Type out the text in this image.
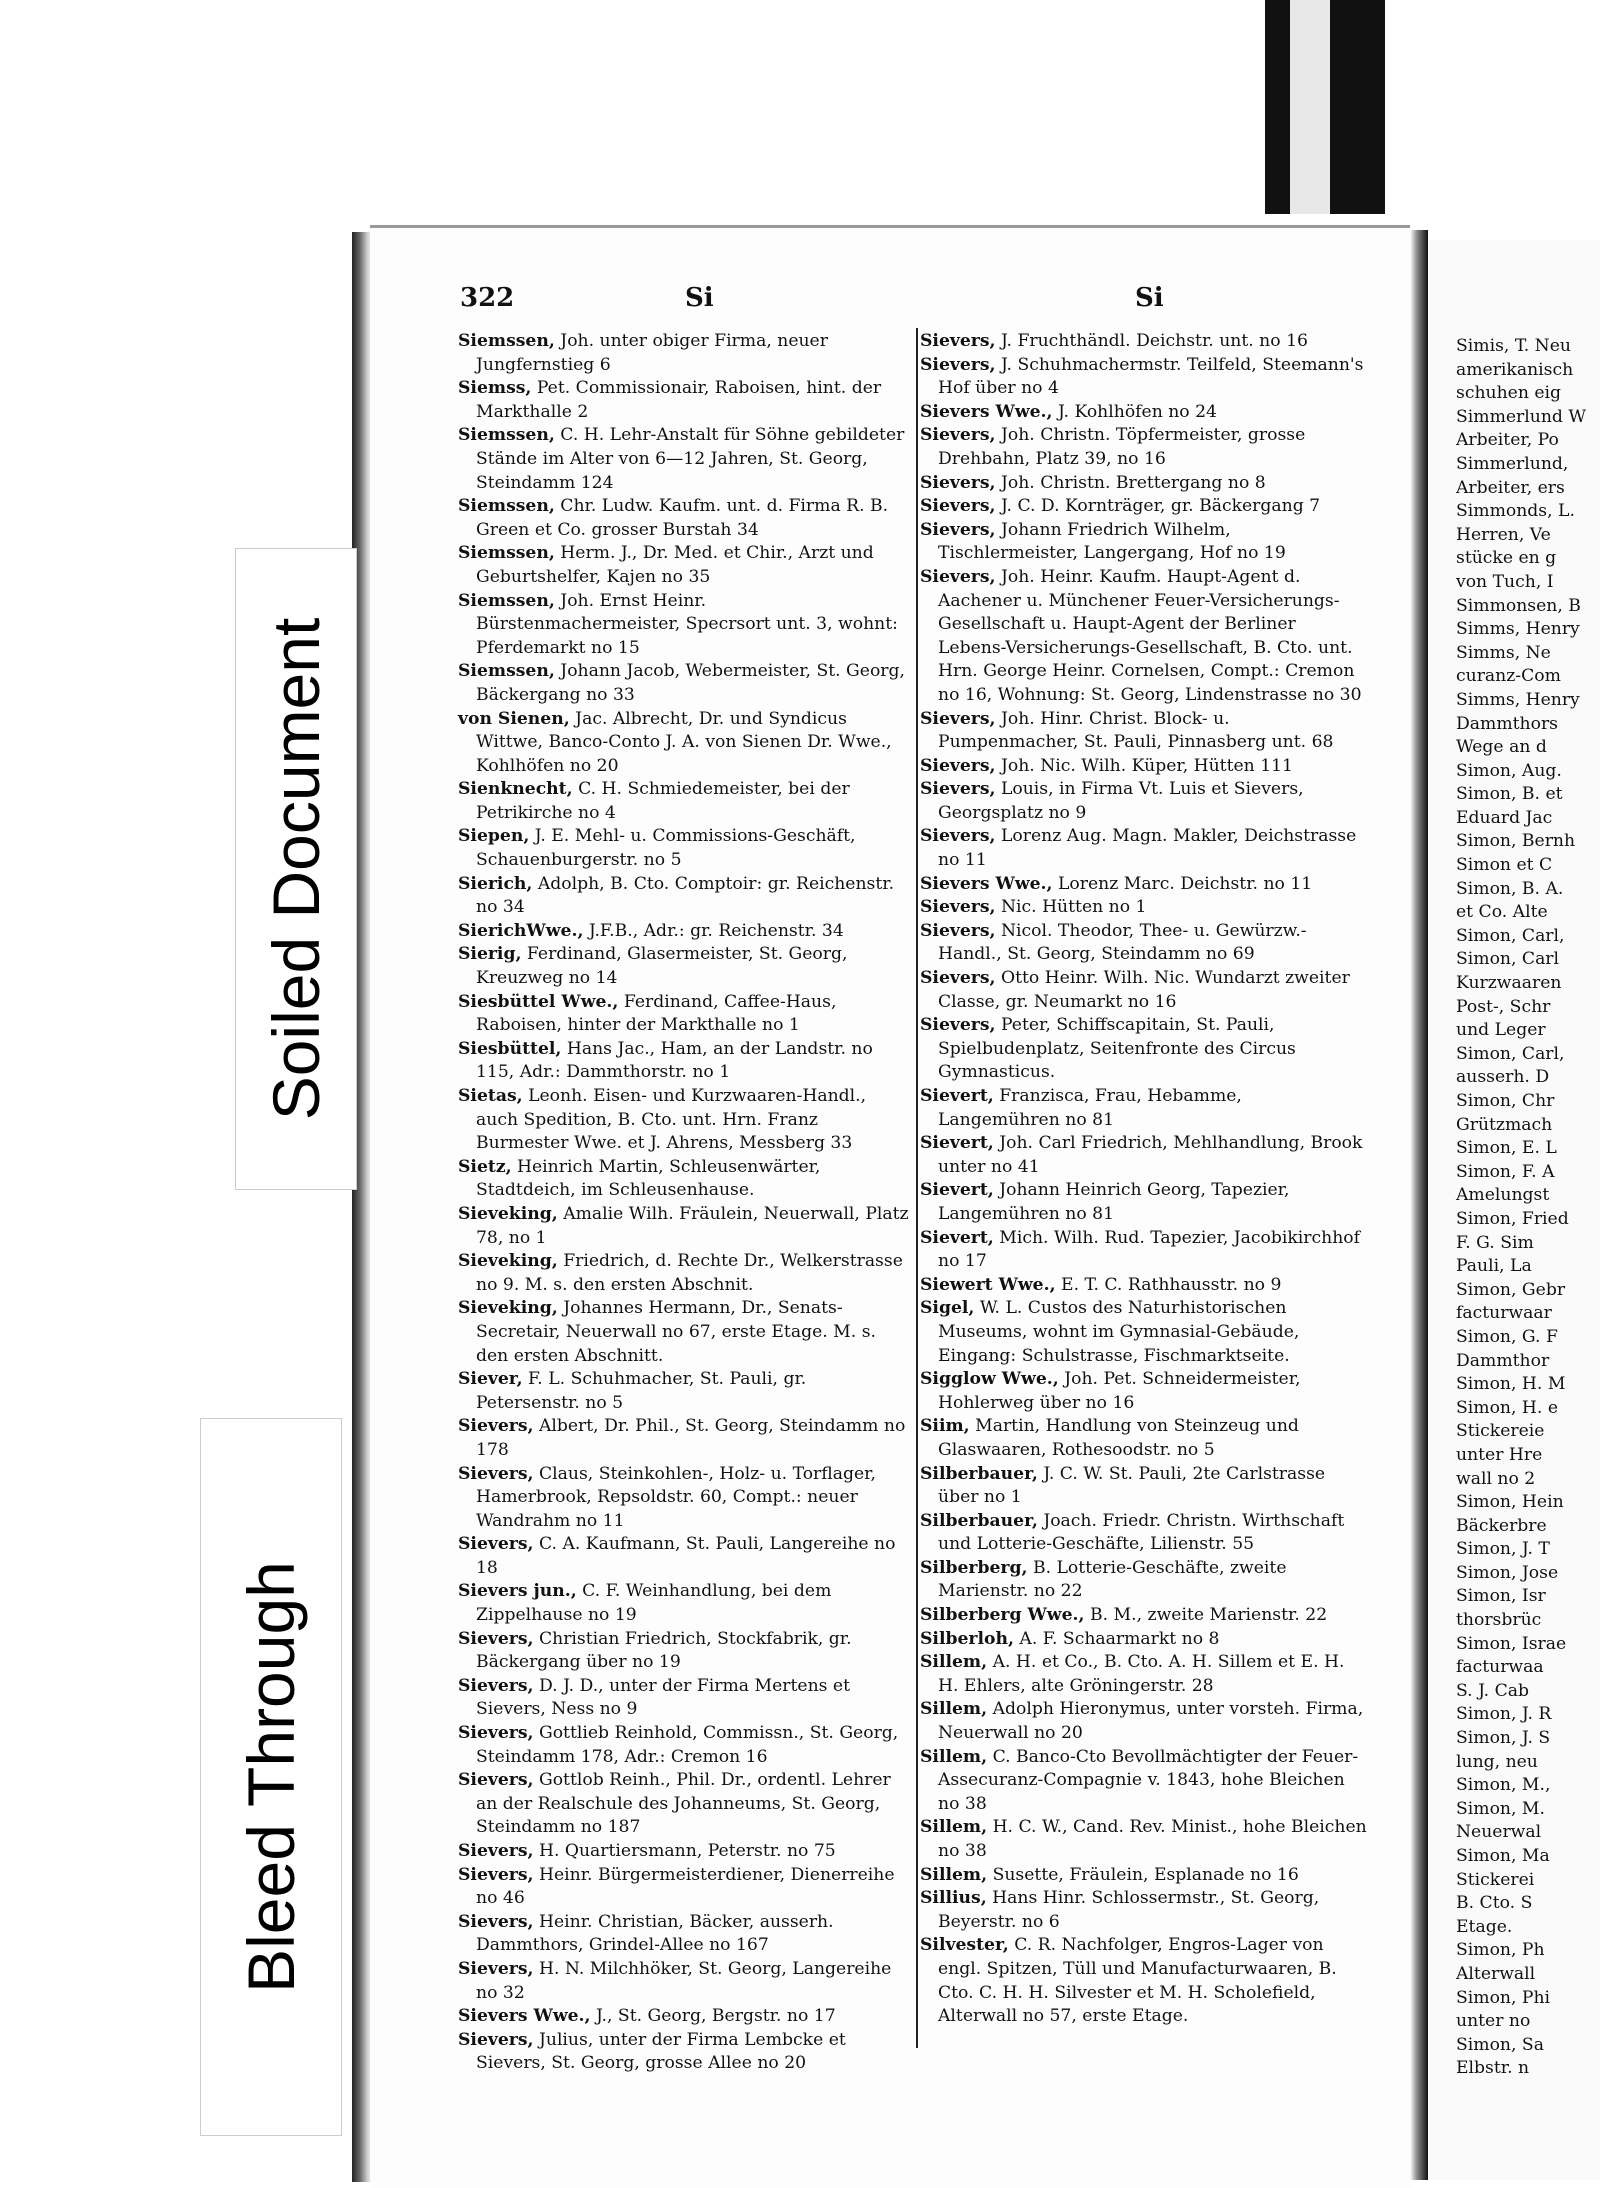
322	Si	Si

Siemssen, Joh. unter obiger Firma, neuer Jungfernstieg 6

Siemss, Pet. Commissionair, Raboisen, hint. der Markthalle 2

Siemssen, C. H. Lehr-Anstalt für Söhne gebildeter Stände im Alter von 6—12 Jahren, St. Georg, Steindamm 124

Siemssen, Chr. Ludw. Kaufm. unt. d. Firma R. B. Green et Co. grosser Burstah 34

Siemssen, Herm. J., Dr. Med. et Chir., Arzt und Geburtshelfer, Kajen no 35

Siemssen, Joh. Ernst Heinr. Bürstenmachermeister, Specrsort unt. 3, wohnt: Pferdemarkt no 15

Siemssen, Johann Jacob, Webermeister, St. Georg, Bäckergang no 33

von Sienen, Jac. Albrecht, Dr. und Syndicus Wittwe, Banco-Conto J. A. von Sienen Dr. Wwe., Kohlhöfen no 20

Sienknecht, C. H. Schmiedemeister, bei der Petrikirche no 4

Siepen, J. E. Mehl- u. Commissions-Geschäft, Schauenburgerstr. no 5

Sierich, Adolph, B. Cto. Comptoir: gr. Reichenstr. no 34

SierichWwe., J.F.B., Adr.: gr. Reichenstr. 34

Sierig, Ferdinand, Glasermeister, St. Georg, Kreuzweg no 14

Siesbüttel Wwe., Ferdinand, Caffee-Haus, Raboisen, hinter der Markthalle no 1

Siesbüttel, Hans Jac., Ham, an der Landstr. no 115, Adr.: Dammthorstr. no 1

Sietas, Leonh. Eisen- und Kurzwaaren-Handl., auch Spedition, B. Cto. unt. Hrn. Franz Burmester Wwe. et J. Ahrens, Messberg 33

Sietz, Heinrich Martin, Schleusenwärter, Stadtdeich, im Schleusenhause.

Sieveking, Amalie Wilh. Fräulein, Neuerwall, Platz 78, no 1

Sieveking, Friedrich, d. Rechte Dr., Welkerstrasse no 9. M. s. den ersten Abschnit.

Sieveking, Johannes Hermann, Dr., Senats-Secretair, Neuerwall no 67, erste Etage. M. s. den ersten Abschnitt.

Siever, F. L. Schuhmacher, St. Pauli, gr. Petersenstr. no 5

Sievers, Albert, Dr. Phil., St. Georg, Steindamm no 178

Sievers, Claus, Steinkohlen-, Holz- u. Torflager, Hamerbrook, Repsoldstr. 60, Compt.: neuer Wandrahm no 11

Sievers, C. A. Kaufmann, St. Pauli, Langereihe no 18

Sievers jun., C. F. Weinhandlung, bei dem Zippelhause no 19

Sievers, Christian Friedrich, Stockfabrik, gr. Bäckergang über no 19

Sievers, D. J. D., unter der Firma Mertens et Sievers, Ness no 9

Sievers, Gottlieb Reinhold, Commissn., St. Georg, Steindamm 178, Adr.: Cremon 16

Sievers, Gottlob Reinh., Phil. Dr., ordentl. Lehrer an der Realschule des Johanneums, St. Georg, Steindamm no 187

Sievers, H. Quartiersmann, Peterstr. no 75

Sievers, Heinr. Bürgermeisterdiener, Dienerreihe no 46

Sievers, Heinr. Christian, Bäcker, ausserh. Dammthors, Grindel-Allee no 167

Sievers, H. N. Milchhöker, St. Georg, Langereihe no 32

Sievers Wwe., J., St. Georg, Bergstr. no 17

Sievers, Julius, unter der Firma Lembcke et Sievers, St. Georg, grosse Allee no 20

Sievers, J. Fruchthändl. Deichstr. unt. no 16

Sievers, J. Schuhmachermstr. Teilfeld, Steemann's Hof über no 4

Sievers Wwe., J. Kohlhöfen no 24

Sievers, Joh. Christn. Töpfermeister, grosse Drehbahn, Platz 39, no 16

Sievers, Joh. Christn. Brettergang no 8

Sievers, J. C. D. Kornträger, gr. Bäckergang 7

Sievers, Johann Friedrich Wilhelm, Tischlermeister, Langergang, Hof no 19

Sievers, Joh. Heinr. Kaufm. Haupt-Agent d. Aachener u. Münchener Feuer-Versicherungs-Gesellschaft u. Haupt-Agent der Berliner Lebens-Versicherungs-Gesellschaft, B. Cto. unt. Hrn. George Heinr. Cornelsen, Compt.: Cremon no 16, Wohnung: St. Georg, Lindenstrasse no 30

Sievers, Joh. Hinr. Christ. Block- u. Pumpenmacher, St. Pauli, Pinnasberg unt. 68

Sievers, Joh. Nic. Wilh. Küper, Hütten 111

Sievers, Louis, in Firma Vt. Luis et Sievers, Georgsplatz no 9

Sievers, Lorenz Aug. Magn. Makler, Deichstrasse no 11

Sievers Wwe., Lorenz Marc. Deichstr. no 11

Sievers, Nic. Hütten no 1

Sievers, Nicol. Theodor, Thee- u. Gewürzw.-Handl., St. Georg, Steindamm no 69

Sievers, Otto Heinr. Wilh. Nic. Wundarzt zweiter Classe, gr. Neumarkt no 16

Sievers, Peter, Schiffscapitain, St. Pauli, Spielbudenplatz, Seitenfronte des Circus Gymnasticus.

Sievert, Franzisca, Frau, Hebamme, Langemühren no 81

Sievert, Joh. Carl Friedrich, Mehlhandlung, Brook unter no 41

Sievert, Johann Heinrich Georg, Tapezier, Langemühren no 81

Sievert, Mich. Wilh. Rud. Tapezier, Jacobikirchhof no 17

Siewert Wwe., E. T. C. Rathhausstr. no 9

Sigel, W. L. Custos des Naturhistorischen Museums, wohnt im Gymnasial-Gebäude, Eingang: Schulstrasse, Fischmarktseite.

Sigglow Wwe., Joh. Pet. Schneidermeister, Hohlerweg über no 16

Siim, Martin, Handlung von Steinzeug und Glaswaaren, Rothesoodstr. no 5

Silberbauer, J. C. W. St. Pauli, 2te Carlstrasse über no 1

Silberbauer, Joach. Friedr. Christn. Wirthschaft und Lotterie-Geschäfte, Lilienstr. 55

Silberberg, B. Lotterie-Geschäfte, zweite Marienstr. no 22

Silberberg Wwe., B. M., zweite Marienstr. 22

Silberloh, A. F. Schaarmarkt no 8

Sillem, A. H. et Co., B. Cto. A. H. Sillem et E. H. H. Ehlers, alte Gröningerstr. 28

Sillem, Adolph Hieronymus, unter vorsteh. Firma, Neuerwall no 20

Sillem, C. Banco-Cto Bevollmächtigter der Feuer-Assecuranz-Compagnie v. 1843, hohe Bleichen no 38

Sillem, H. C. W., Cand. Rev. Minist., hohe Bleichen no 38

Sillem, Susette, Fräulein, Esplanade no 16

Sillius, Hans Hinr. Schlossermstr., St. Georg, Beyerstr. no 6

Silvester, C. R. Nachfolger, Engros-Lager von engl. Spitzen, Tüll und Manufacturwaaren, B. Cto. C. H. H. Silvester et M. H. Scholefield, Alterwall no 57, erste Etage.

Simis, T. Neu
amerikanisch
schuhen eig
Simmerlund W
Arbeiter, Po
Simmerlund,
Arbeiter, ers
Simmonds, L.
Herren, Ve
stücke en g
von Tuch, I
Simmonsen, B
Simms, Henry
Simms, Ne
curanz-Com
Simms, Henry
Dammthors
Wege an d
Simon, Aug.
Simon, B. et
Eduard Jac
Simon, Bernh
Simon et C
Simon, B. A.
et Co. Alte
Simon, Carl,
Simon, Carl
Kurzwaaren
Post-, Schr
und Leger
Simon, Carl,
ausserh. D
Simon, Chr
Grützmach
Simon, E. L
Simon, F. A
Amelungst
Simon, Fried
F. G. Sim
Pauli, La
Simon, Gebr
facturwaar
Simon, G. F
Dammthor
Simon, H. M
Simon, H. e
Stickereie
unter Hre
wall no 2
Simon, Hein
Bäckerbre
Simon, J. T
Simon, Jose
Simon, Isr
thorsbrüc
Simon, Israe
facturwaa
S. J. Cab
Simon, J. R
Simon, J. S
lung, neu
Simon, M.,
Simon, M.
Neuerwal
Simon, Ma
Stickerei
B. Cto. S
Etage.
Simon, Ph
Alterwall
Simon, Phi
unter no
Simon, Sa
Elbstr. n
Soiled Document
Bleed Through
